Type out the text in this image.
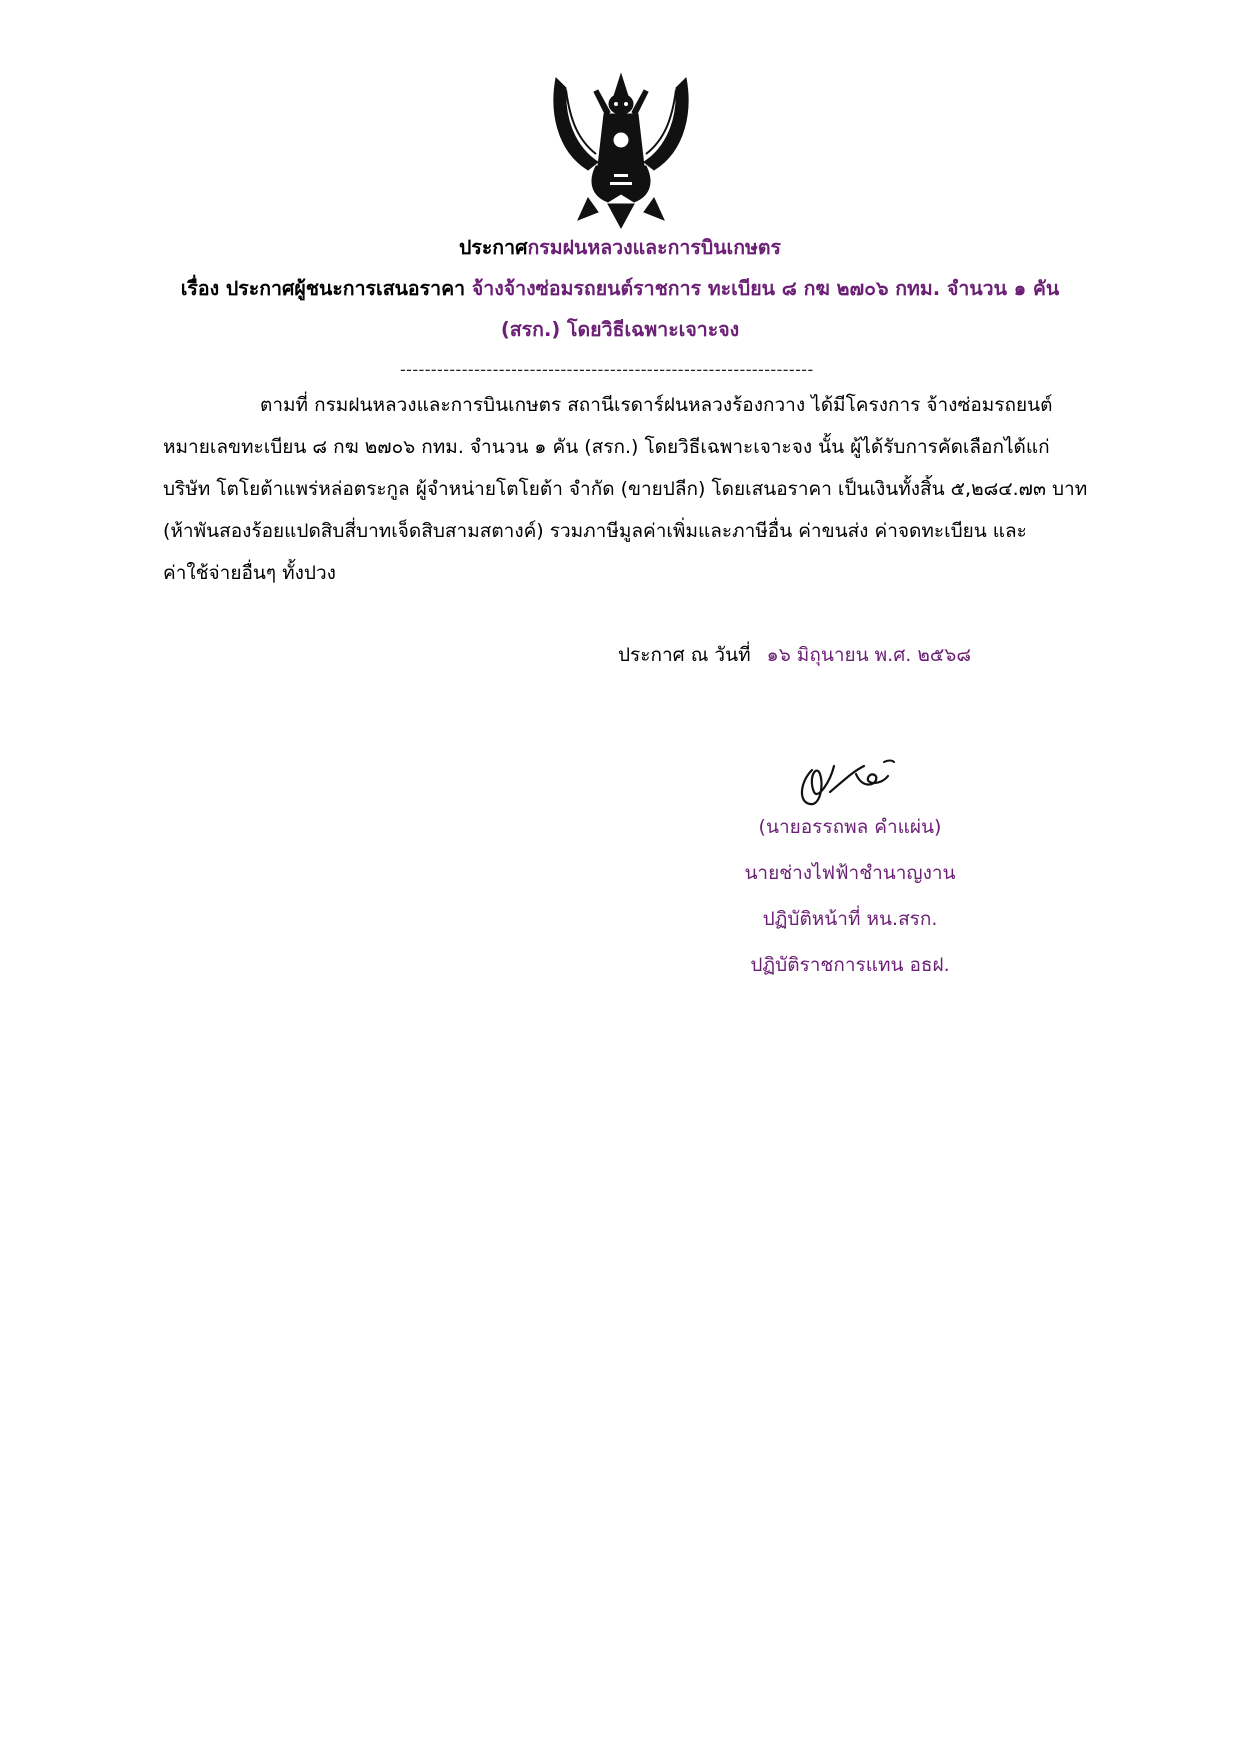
ประกาศกรมฝนหลวงและการบินเกษตร
เรื่อง ประกาศผู้ชนะการเสนอราคา จ้างจ้างซ่อมรถยนต์ราชการ ทะเบียน ๘ กฆ ๒๗๐๖ กทม. จำนวน ๑ คัน
(สรก.) โดยวิธีเฉพาะเจาะจง
-------------------------------------------------------------------
ตามที่ กรมฝนหลวงและการบินเกษตร สถานีเรดาร์ฝนหลวงร้องกวาง ได้มีโครงการ จ้างซ่อมรถยนต์
หมายเลขทะเบียน ๘ กฆ ๒๗๐๖ กทม. จำนวน ๑ คัน (สรก.) โดยวิธีเฉพาะเจาะจง นั้น ผู้ได้รับการคัดเลือกได้แก่
บริษัท โตโยต้าแพร่หล่อตระกูล ผู้จำหน่ายโตโยต้า จำกัด (ขายปลีก) โดยเสนอราคา เป็นเงินทั้งสิ้น ๕,๒๘๔.๗๓ บาท
(ห้าพันสองร้อยแปดสิบสี่บาทเจ็ดสิบสามสตางค์) รวมภาษีมูลค่าเพิ่มและภาษีอื่น ค่าขนส่ง ค่าจดทะเบียน และ
ค่าใช้จ่ายอื่นๆ ทั้งปวง
ประกาศ ณ วันที่ ๑๖ มิถุนายน พ.ศ. ๒๕๖๘
(นายอรรถพล คำแผ่น)
นายช่างไฟฟ้าชำนาญงาน
ปฏิบัติหน้าที่ หน.สรก.
ปฏิบัติราชการแทน อธฝ.
